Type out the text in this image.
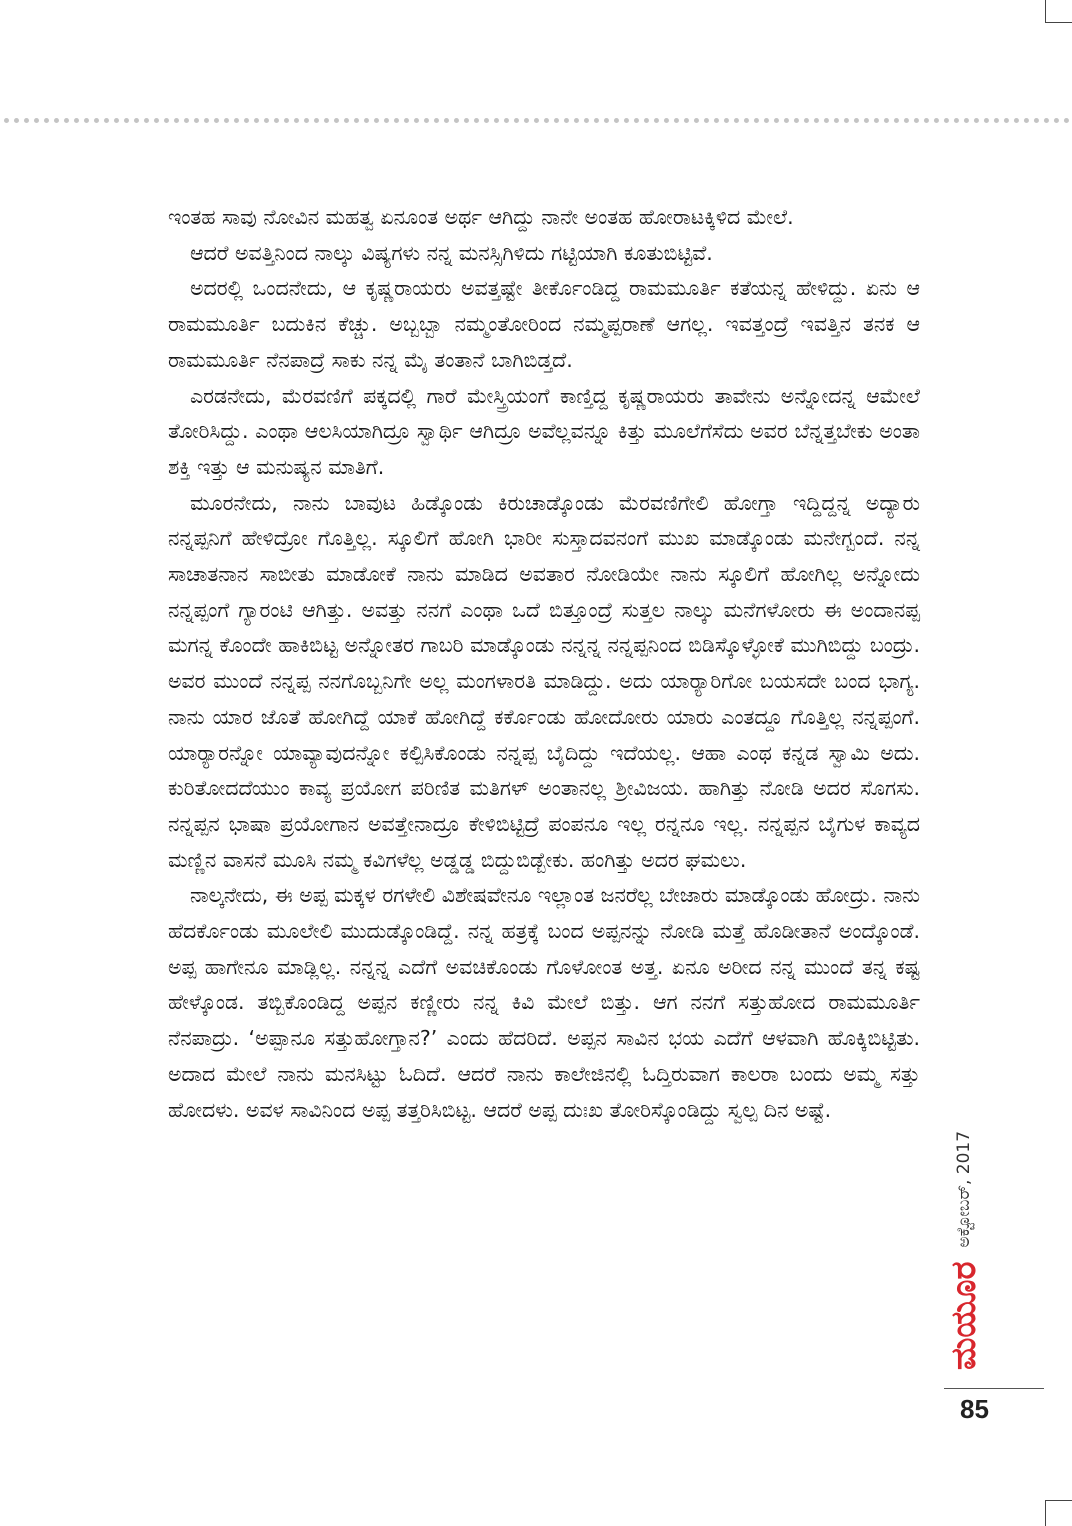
ಇಂತಹ ಸಾವು ನೋವಿನ ಮಹತ್ವ ಏನೂಂತ ಅರ್ಥ ಆಗಿದ್ದು ನಾನೇ ಅಂತಹ ಹೋರಾಟಕ್ಕಿಳಿದ ಮೇಲೆ.

ಆದರೆ ಅವತ್ತಿನಿಂದ ನಾಲ್ಕು ವಿಷ್ಯಗಳು ನನ್ನ ಮನಸ್ಸಿಗಿಳಿದು ಗಟ್ಟಿಯಾಗಿ ಕೂತುಬಿಟ್ಟಿವೆ.

ಅದರಲ್ಲಿ ಒಂದನೇದು, ಆ ಕೃಷ್ಣರಾಯರು ಅವತ್ತಷ್ಟೇ ತೀರ್ಕೊಂಡಿದ್ದ ರಾಮಮೂರ್ತಿ ಕತೆಯನ್ನ ಹೇಳಿದ್ದು. ಏನು ಆ ರಾಮಮೂರ್ತಿ ಬದುಕಿನ ಕೆಚ್ಚು. ಅಬ್ಬಬ್ಬಾ ನಮ್ಮಂತೋರಿಂದ ನಮ್ಮಪ್ಪರಾಣೆ ಆಗಲ್ಲ. ಇವತ್ತಂದ್ರೆ ಇವತ್ತಿನ ತನಕ ಆ ರಾಮಮೂರ್ತಿ ನೆನಪಾದ್ರೆ ಸಾಕು ನನ್ನ ಮೈ ತಂತಾನೆ ಬಾಗಿಬಿಡ್ತದೆ.

ಎರಡನೇದು, ಮೆರವಣಿಗೆ ಪಕ್ಕದಲ್ಲಿ ಗಾರೆ ಮೇಸ್ತ್ರಿಯಂಗೆ ಕಾಣ್ತಿದ್ದ ಕೃಷ್ಣರಾಯರು ತಾವೇನು ಅನ್ನೋದನ್ನ ಆಮೇಲೆ ತೋರಿಸಿದ್ದು. ಎಂಥಾ ಆಲಸಿಯಾಗಿದ್ರೂ ಸ್ವಾರ್ಥಿ ಆಗಿದ್ರೂ ಅವೆಲ್ಲವನ್ನೂ ಕಿತ್ತು ಮೂಲೆಗೆಸೆದು ಅವರ ಬೆನ್ನತ್ತಬೇಕು ಅಂತಾ ಶಕ್ತಿ ಇತ್ತು ಆ ಮನುಷ್ಯನ ಮಾತಿಗೆ.

ಮೂರನೇದು, ನಾನು ಬಾವುಟ ಹಿಡ್ಕೊಂಡು ಕಿರುಚಾಡ್ಕೊಂಡು ಮೆರವಣಿಗೇಲಿ ಹೋಗ್ತಾ ಇದ್ದಿದ್ದನ್ನ ಅದ್ಯಾರು ನನ್ನಪ್ಪನಿಗೆ ಹೇಳಿದ್ರೋ ಗೊತ್ತಿಲ್ಲ. ಸ್ಕೂಲಿಗೆ ಹೋಗಿ ಭಾರೀ ಸುಸ್ತಾದವನಂಗೆ ಮುಖ ಮಾಡ್ಕೊಂಡು ಮನೇಗ್ಬಂದೆ. ನನ್ನ ಸಾಚಾತನಾನ ಸಾಬೀತು ಮಾಡೋಕೆ ನಾನು ಮಾಡಿದ ಅವತಾರ ನೋಡಿಯೇ ನಾನು ಸ್ಕೂಲಿಗೆ ಹೋಗಿಲ್ಲ ಅನ್ನೋದು ನನ್ನಪ್ಪಂಗೆ ಗ್ಯಾರಂಟಿ ಆಗಿತ್ತು. ಅವತ್ತು ನನಗೆ ಎಂಥಾ ಒದೆ ಬಿತ್ತೂಂದ್ರೆ ಸುತ್ತಲ ನಾಲ್ಕು ಮನೆಗಳೋರು ಈ ಅಂದಾನಪ್ಪ ಮಗನ್ನ ಕೊಂದೇ ಹಾಕಿಬಿಟ್ಟ ಅನ್ನೋತರ ಗಾಬರಿ ಮಾಡ್ಕೊಂಡು ನನ್ನನ್ನ ನನ್ನಪ್ಪನಿಂದ ಬಿಡಿಸ್ಕೊಳ್ಳೋಕೆ ಮುಗಿಬಿದ್ದು ಬಂದ್ರು. ಅವರ ಮುಂದೆ ನನ್ನಪ್ಪ ನನಗೊಬ್ಬನಿಗೇ ಅಲ್ಲ ಮಂಗಳಾರತಿ ಮಾಡಿದ್ದು. ಅದು ಯಾರ್‍ಯಾರಿಗೋ ಬಯಸದೇ ಬಂದ ಭಾಗ್ಯ. ನಾನು ಯಾರ ಜೊತೆ ಹೋಗಿದ್ದೆ ಯಾಕೆ ಹೋಗಿದ್ದೆ ಕರ್ಕೊಂಡು ಹೋದೋರು ಯಾರು ಎಂತದ್ದೂ ಗೊತ್ತಿಲ್ಲ ನನ್ನಪ್ಪಂಗೆ. ಯಾರ್‍ಯಾರನ್ನೋ ಯಾವ್ಯಾವುದನ್ನೋ ಕಲ್ಪಿಸಿಕೊಂಡು ನನ್ನಪ್ಪ ಬೈದಿದ್ದು ಇದೆಯಲ್ಲ. ಆಹಾ ಎಂಥ ಕನ್ನಡ ಸ್ವಾಮಿ ಅದು. ಕುರಿತೋದದೆಯುಂ ಕಾವ್ಯ ಪ್ರಯೋಗ ಪರಿಣಿತ ಮತಿಗಳ್ ಅಂತಾನಲ್ಲ ಶ್ರೀವಿಜಯ. ಹಾಗಿತ್ತು ನೋಡಿ ಅದರ ಸೊಗಸು. ನನ್ನಪ್ಪನ ಭಾಷಾ ಪ್ರಯೋಗಾನ ಅವತ್ತೇನಾದ್ರೂ ಕೇಳಿಬಿಟ್ಟಿದ್ರೆ ಪಂಪನೂ ಇಲ್ಲ ರನ್ನನೂ ಇಲ್ಲ. ನನ್ನಪ್ಪನ ಬೈಗುಳ ಕಾವ್ಯದ ಮಣ್ಣಿನ ವಾಸನೆ ಮೂಸಿ ನಮ್ಮ ಕವಿಗಳೆಲ್ಲ ಅಡ್ಡಡ್ಡ ಬಿದ್ದುಬಿಡ್ಬೇಕು. ಹಂಗಿತ್ತು ಅದರ ಘಮಲು.

ನಾಲ್ಕನೇದು, ಈ ಅಪ್ಪ ಮಕ್ಕಳ ರಗಳೇಲಿ ವಿಶೇಷವೇನೂ ಇಲ್ಲಾಂತ ಜನರೆಲ್ಲ ಬೇಜಾರು ಮಾಡ್ಕೊಂಡು ಹೋದ್ರು. ನಾನು ಹೆದರ್ಕೊಂಡು ಮೂಲೇಲಿ ಮುದುಡ್ಕೊಂಡಿದ್ದೆ. ನನ್ನ ಹತ್ರಕ್ಕೆ ಬಂದ ಅಪ್ಪನನ್ನು ನೋಡಿ ಮತ್ತೆ ಹೊಡೀತಾನೆ ಅಂದ್ಕೊಂಡೆ. ಅಪ್ಪ ಹಾಗೇನೂ ಮಾಡ್ಲಿಲ್ಲ. ನನ್ನನ್ನ ಎದೆಗೆ ಅವಚಿಕೊಂಡು ಗೊಳೋಂತ ಅತ್ತ. ಏನೂ ಅರೀದ ನನ್ನ ಮುಂದೆ ತನ್ನ ಕಷ್ಟ ಹೇಳ್ಕೊಂಡ. ತಬ್ಬಿಕೊಂಡಿದ್ದ ಅಪ್ಪನ ಕಣ್ಣೀರು ನನ್ನ ಕಿವಿ ಮೇಲೆ ಬಿತ್ತು. ಆಗ ನನಗೆ ಸತ್ತುಹೋದ ರಾಮಮೂರ್ತಿ ನೆನಪಾದ್ರು. ‘ಅಪ್ಪಾನೂ ಸತ್ತುಹೋಗ್ತಾನ?’ ಎಂದು ಹೆದರಿದೆ. ಅಪ್ಪನ ಸಾವಿನ ಭಯ ಎದೆಗೆ ಆಳವಾಗಿ ಹೊಕ್ಕಿಬಿಟ್ಟಿತು. ಅದಾದ ಮೇಲೆ ನಾನು ಮನಸಿಟ್ಟು ಓದಿದೆ. ಆದರೆ ನಾನು ಕಾಲೇಜಿನಲ್ಲಿ ಓದ್ತಿರುವಾಗ ಕಾಲರಾ ಬಂದು ಅಮ್ಮ ಸತ್ತು ಹೋದಳು. ಅವಳ ಸಾವಿನಿಂದ ಅಪ್ಪ ತತ್ತರಿಸಿಬಿಟ್ಟ. ಆದರೆ ಅಪ್ಪ ದುಃಖ ತೋರಿಸ್ಕೊಂಡಿದ್ದು ಸ್ವಲ್ಪ ದಿನ ಅಷ್ಟೆ.

ಮಯೂರ
ಅಕ್ಟೋಬರ್, 2017
85
